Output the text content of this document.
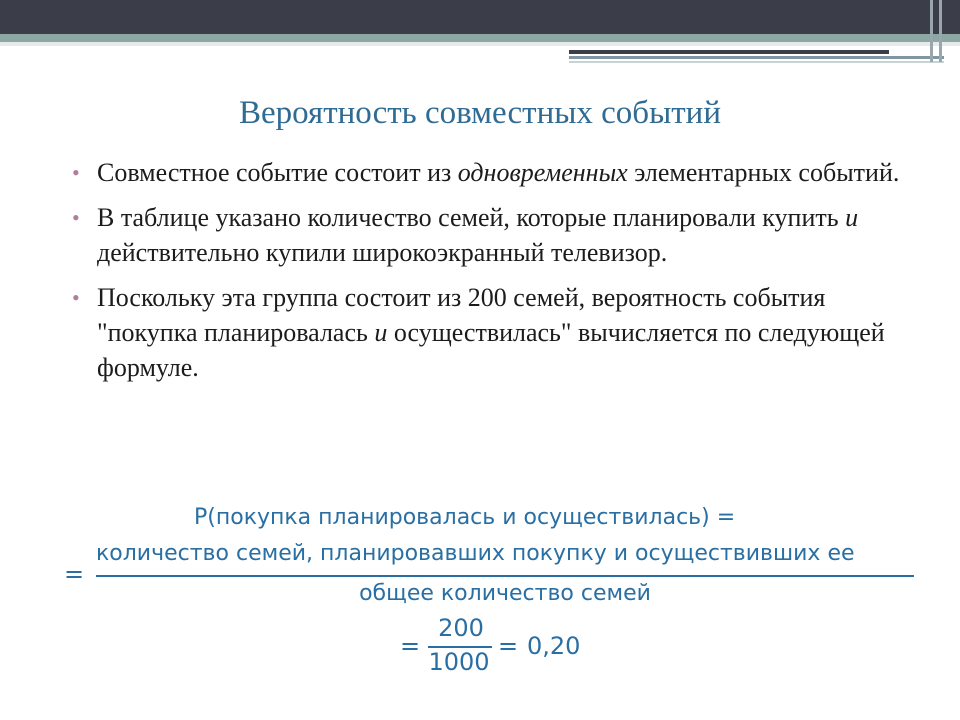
Вероятность совместных событий
• Совместное событие состоит из одновременных элементарных событий.
• В таблице указано количество семей, которые планировали купить и действительно купили широкоэкранный телевизор.
• Поскольку эта группа состоит из 200 семей, вероятность события "покупка планировалась и осуществилась" вычисляется по следующей формуле.
P(покупка планировалась и осуществилась) =
=
количество семей, планировавших покупку и осуществивших ее
общее количество семей
=
200
1000
= 0,20
